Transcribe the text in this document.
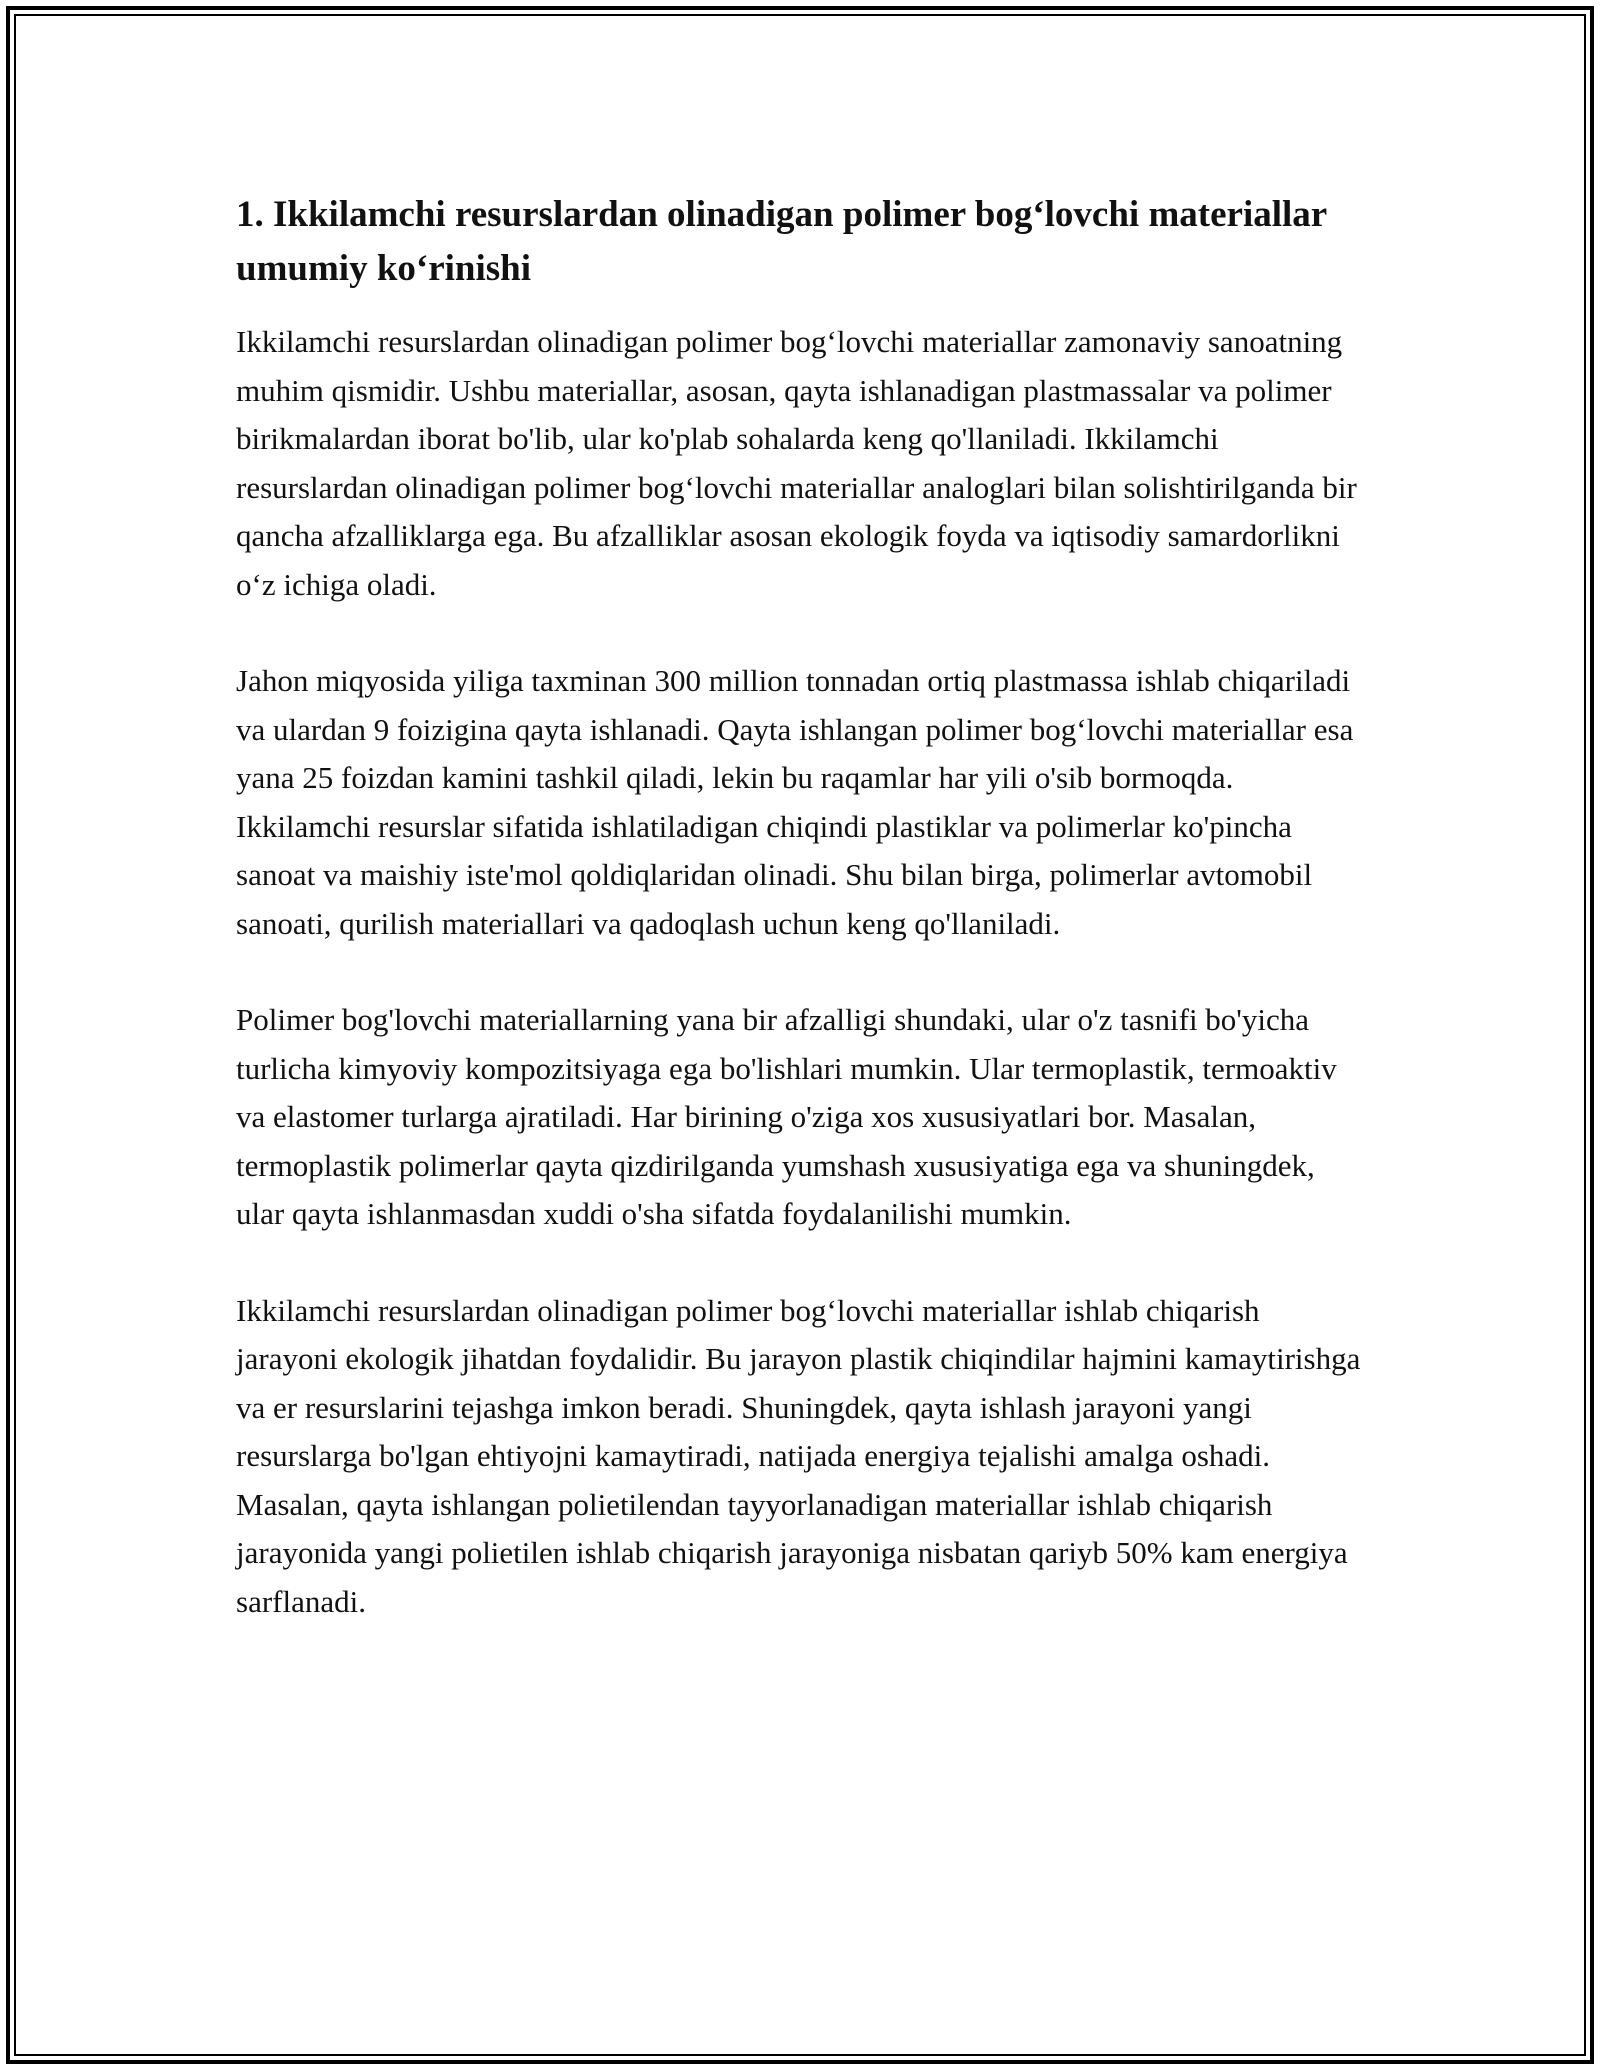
1. Ikkilamchi resurslardan olinadigan polimer bog‘lovchi materiallar umumiy ko‘rinishi

Ikkilamchi resurslardan olinadigan polimer bog‘lovchi materiallar zamonaviy sanoatning muhim qismidir. Ushbu materiallar, asosan, qayta ishlanadigan plastmassalar va polimer birikmalardan iborat bo'lib, ular ko'plab sohalarda keng qo'llaniladi. Ikkilamchi resurslardan olinadigan polimer bog‘lovchi materiallar analoglari bilan solishtirilganda bir qancha afzalliklarga ega. Bu afzalliklar asosan ekologik foyda va iqtisodiy samardorlikni o‘z ichiga oladi.

Jahon miqyosida yiliga taxminan 300 million tonnadan ortiq plastmassa ishlab chiqariladi va ulardan 9 foizigina qayta ishlanadi. Qayta ishlangan polimer bog‘lovchi materiallar esa yana 25 foizdan kamini tashkil qiladi, lekin bu raqamlar har yili o'sib bormoqda. Ikkilamchi resurslar sifatida ishlatiladigan chiqindi plastiklar va polimerlar ko'pincha sanoat va maishiy iste'mol qoldiqlaridan olinadi. Shu bilan birga, polimerlar avtomobil sanoati, qurilish materiallari va qadoqlash uchun keng qo'llaniladi.

Polimer bog'lovchi materiallarning yana bir afzalligi shundaki, ular o'z tasnifi bo'yicha turlicha kimyoviy kompozitsiyaga ega bo'lishlari mumkin. Ular termoplastik, termoaktiv va elastomer turlarga ajratiladi. Har birining o'ziga xos xususiyatlari bor. Masalan, termoplastik polimerlar qayta qizdirilganda yumshash xususiyatiga ega va shuningdek, ular qayta ishlanmasdan xuddi o'sha sifatda foydalanilishi mumkin.

Ikkilamchi resurslardan olinadigan polimer bog‘lovchi materiallar ishlab chiqarish jarayoni ekologik jihatdan foydalidir. Bu jarayon plastik chiqindilar hajmini kamaytirishga va er resurslarini tejashga imkon beradi. Shuningdek, qayta ishlash jarayoni yangi resurslarga bo'lgan ehtiyojni kamaytiradi, natijada energiya tejalishi amalga oshadi. Masalan, qayta ishlangan polietilendan tayyorlanadigan materiallar ishlab chiqarish jarayonida yangi polietilen ishlab chiqarish jarayoniga nisbatan qariyb 50% kam energiya sarflanadi.
